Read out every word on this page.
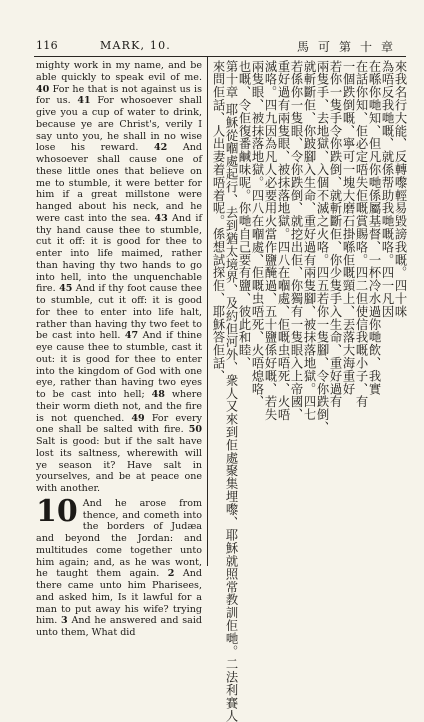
116	MARK, 10.	馬可第十章

mighty work in my name, and be able quickly to speak evil of me. 40 For he that is not against us is for us. 41 For whosoever shall give you a cup of water to drink, because ye are Christ's, verily I say unto you, he shall in no wise lose his reward. 42 And whosoever shall cause one of these little ones that believe on me to stumble, it were better for him if a great millstone were hanged about his neck, and he were cast into the sea. 43 And if thy hand cause thee to stumble, cut it off: it is good for thee to enter into life maimed, rather than having thy two hands to go into hell, into the unquenchable fire. 45 And if thy foot cause thee to stumble, cut it off: it is good for thee to enter into life halt, rather than having thy two feet to be cast into hell. 47 And if thine eye cause thee to stumble, cast it out: it is good for thee to enter into the kingdom of God with one eye, rather than having two eyes to be cast into hell; 48 where their worm dieth not, and the fire is not quenched. 49 For every one shall be salted with fire. 50 Salt is good: but if the salt have lost its saltness, wherewith will ye season it? Have salt in yourselves, and be at peace one with another.

10 And he arose from thence, and cometh into the borders of Judæa and beyond the Jordan: and multitudes come together unto him again; and, as he was wont, he taught them again. 2 And there came unto him Pharisees, and asked him, Is it lawful for a man to put away his wife? trying him. 3 And he answered and said unto them, What did

來我名行大能、反轉嚟輕易毀謗我嘅。四十咪
為唔反我哋嘅、就係帮助我哋嘅咯。四一凡因
在喺你哋知、但凡你哋係屬基督、一杯冷水過你哋飲、我實
在話你知、佢必定唔失佢嘅賞賜咯。四二但使信我嘅小子、有
一個跌倒嘅、寧可一塊大磨石掛喺佢嘅頸上、丟落大海重好
若你一隻手令你跌倒、就斬斷佢、你少隻手入生命、重好過有
兩隻手、去地獄、入個不滅之火咯。四五若你一隻腳、令你跌倒、
就斬斷佢、你跛腳入生命、重好過有兩隻腳、被抹落地獄。四七
若係你一隻眼、令你跌倒、就挖出佢、你獨有一隻眼入上帝國、
重好過有兩隻眼、被抹落地獄。四八在嗰處、佢嘅虫唔死、火唔
滅咯。四九因為凡人必要用火當作鹽醃過、五十鹽係好嘅、若失
兩隻眼、被抹落地獄。四八在嗰處、佢嘅虫唔死、火唔熄咯、
也嘅、令佢復番鹹味呢。你哋自己要有鹽、彼此和睦、
第十章 耶穌從嗰處起行、去到猶太境界、及約但河外、衆人又來到佢處聚集埋嚟、耶穌就照常教訓佢哋。二法利賽人
來問佢話、人出妻着唔着呢。係想試探佢、耶穌答佢話、
